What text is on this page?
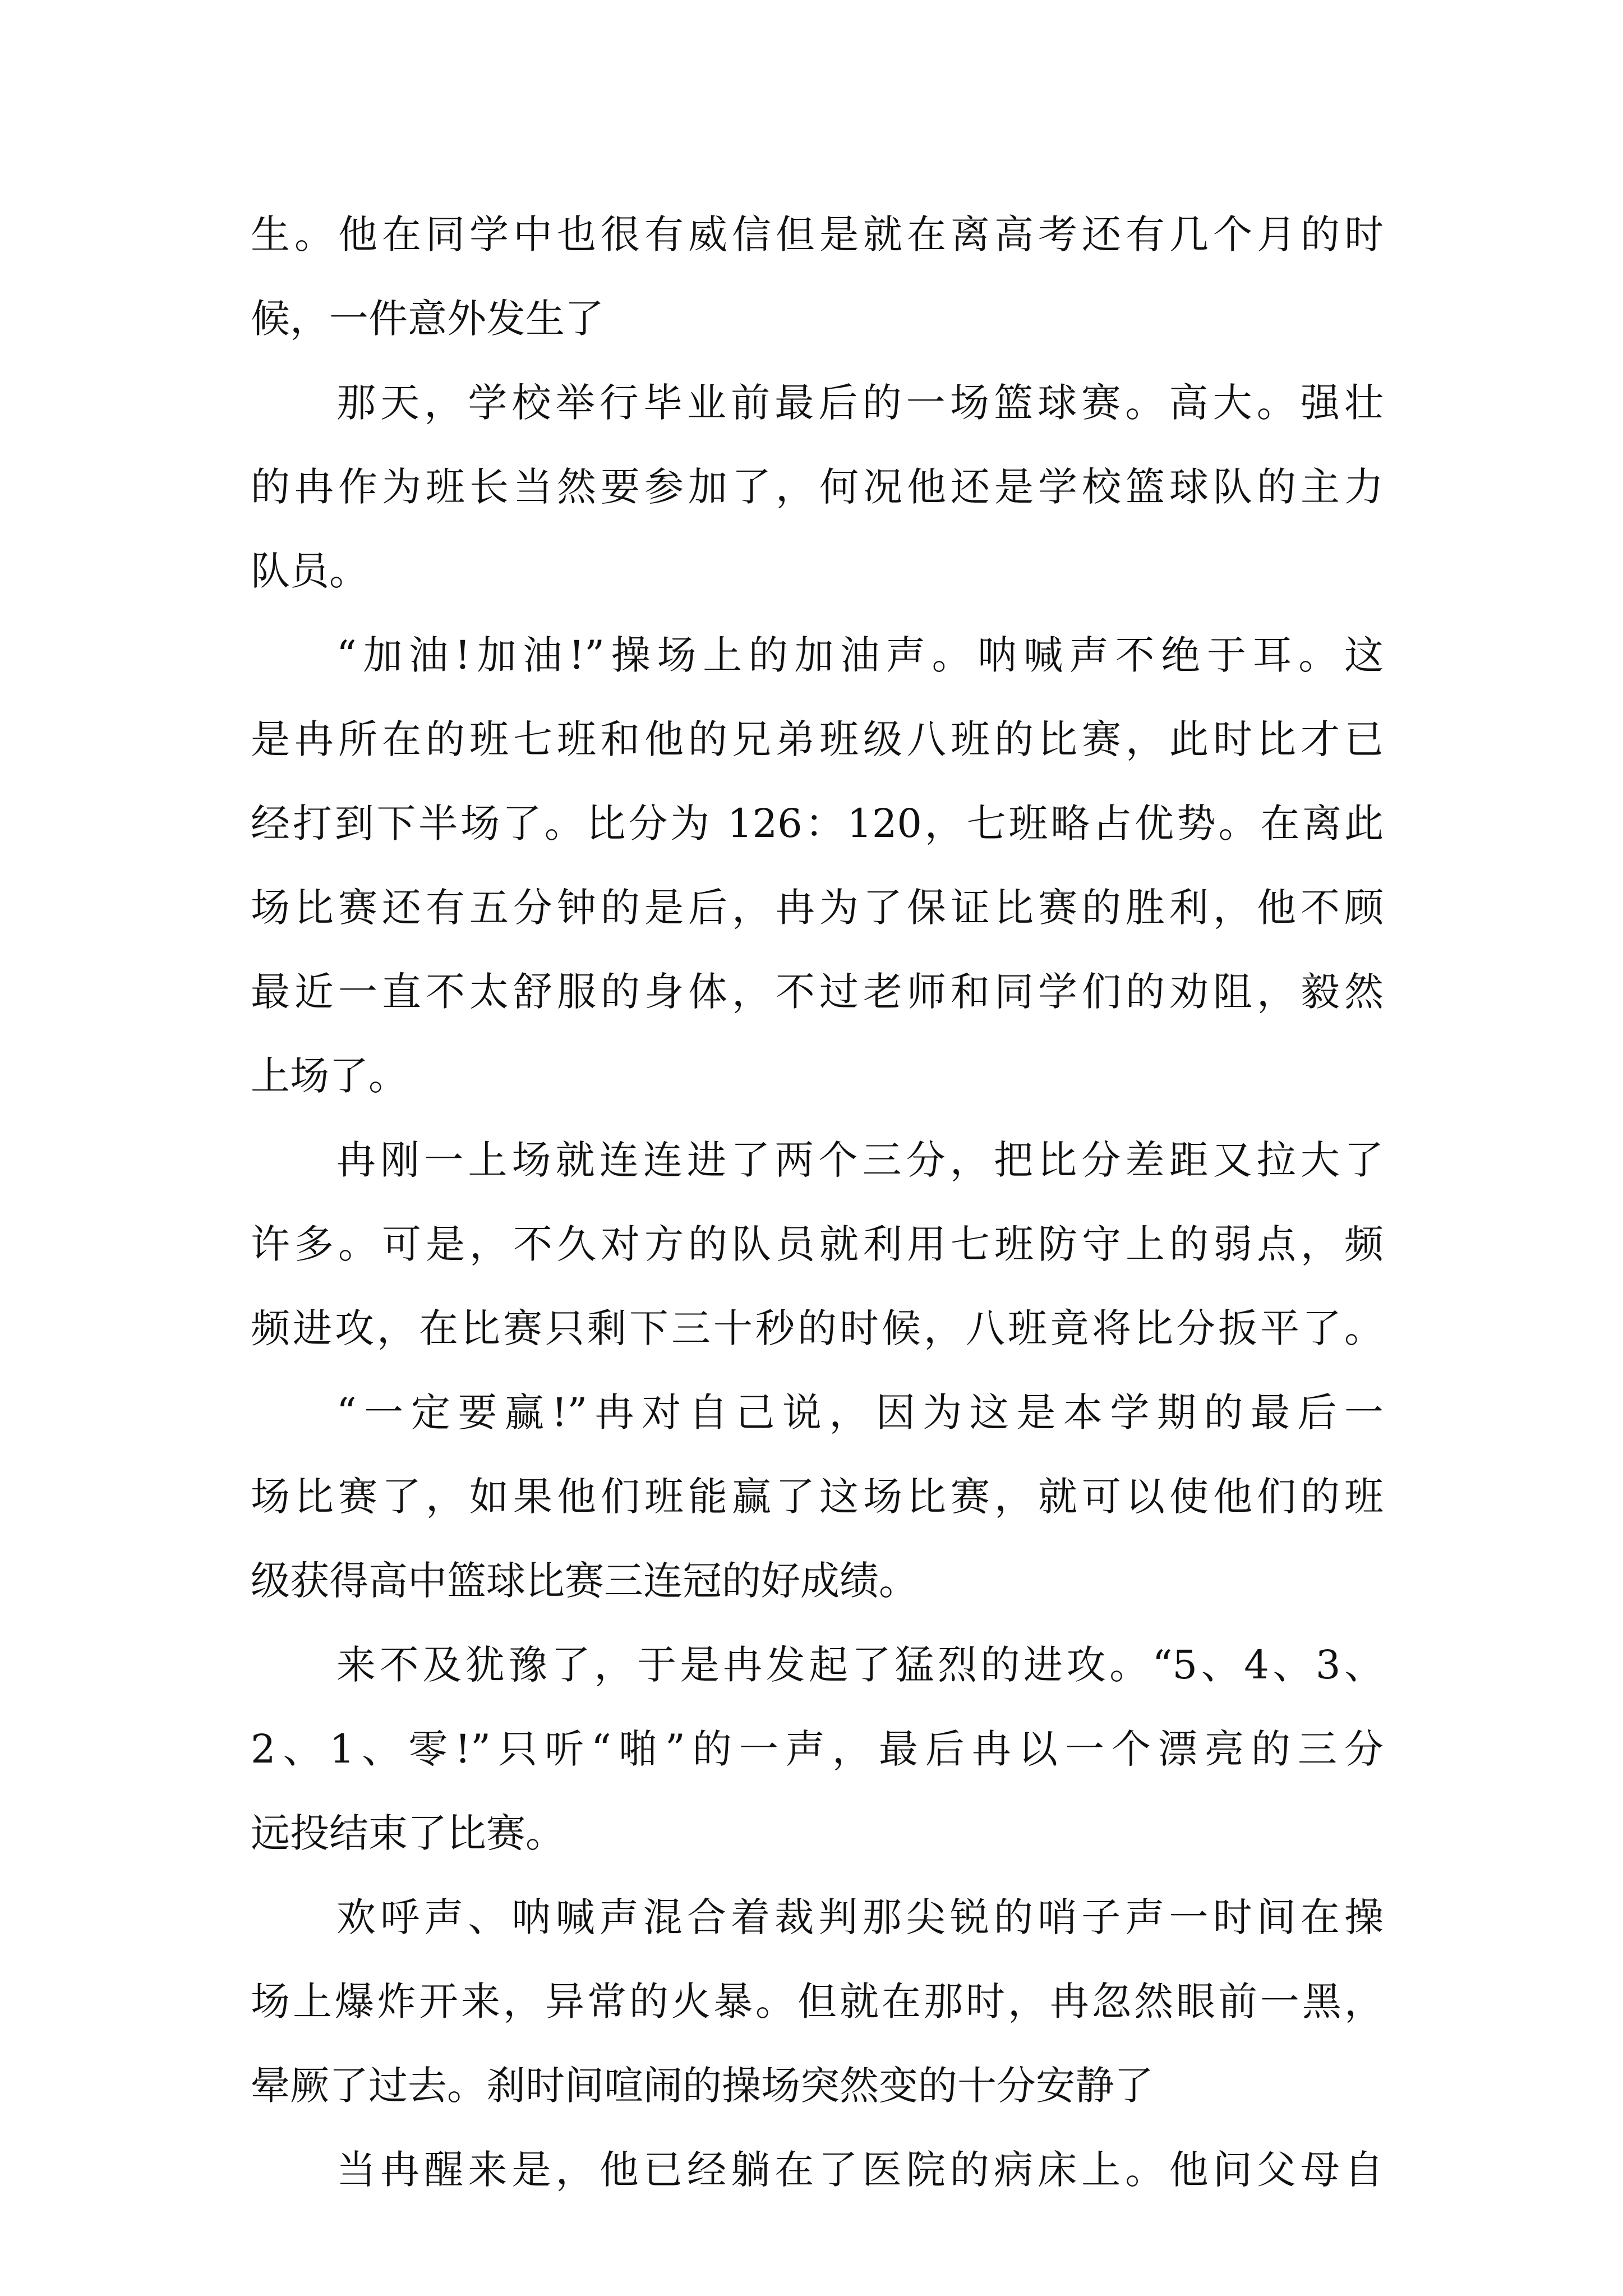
生。他在同学中也很有威信但是就在离高考还有几个月的时
候，一件意外发生了
那天，学校举行毕业前最后的一场篮球赛。高大。强壮
的冉作为班长当然要参加了，何况他还是学校篮球队的主力
队员。
“加油!加油!”操场上的加油声。呐喊声不绝于耳。这
是冉所在的班七班和他的兄弟班级八班的比赛，此时比才已
经打到下半场了。比分为 126：120，七班略占优势。在离此
场比赛还有五分钟的是后，冉为了保证比赛的胜利，他不顾
最近一直不太舒服的身体，不过老师和同学们的劝阻，毅然
上场了。
冉刚一上场就连连进了两个三分，把比分差距又拉大了
许多。可是，不久对方的队员就利用七班防守上的弱点，频
频进攻，在比赛只剩下三十秒的时候，八班竟将比分扳平了。
“一定要赢!”冉对自己说，因为这是本学期的最后一
场比赛了，如果他们班能赢了这场比赛，就可以使他们的班
级获得高中篮球比赛三连冠的好成绩。
来不及犹豫了，于是冉发起了猛烈的进攻。“5、4、3、
2、1、零!”只听“啪”的一声，最后冉以一个漂亮的三分
远投结束了比赛。
欢呼声、呐喊声混合着裁判那尖锐的哨子声一时间在操
场上爆炸开来，异常的火暴。但就在那时，冉忽然眼前一黑，
晕厥了过去。刹时间喧闹的操场突然变的十分安静了
当冉醒来是，他已经躺在了医院的病床上。他问父母自
